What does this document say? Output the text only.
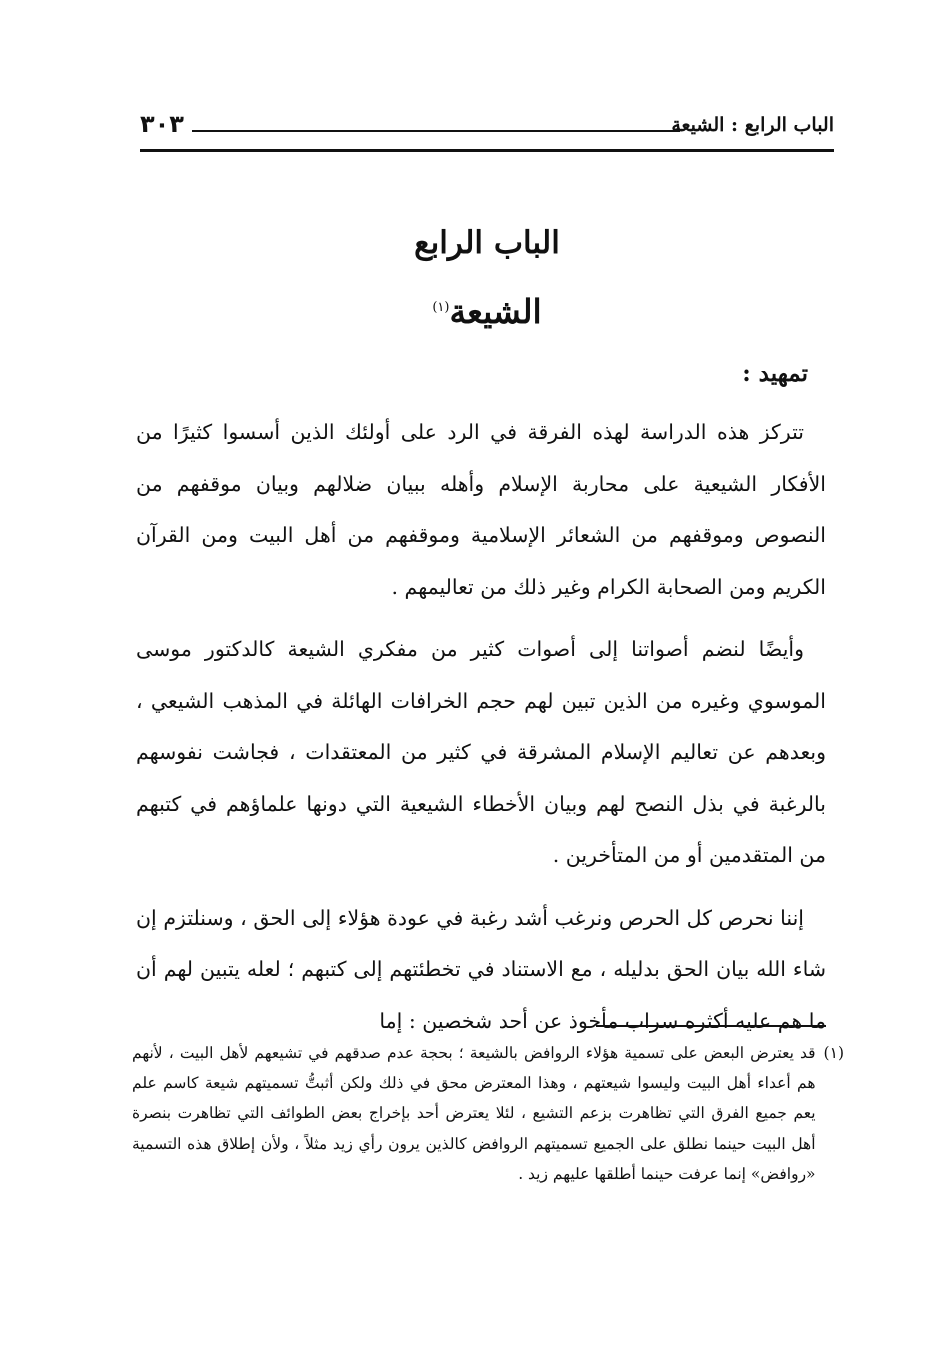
الباب الرابع : الشيعة
٣٠٣
الباب الرابع
الشيعة$^{(١)}$
تمهيد :

تتركز هذه الدراسة لهذه الفرقة في الرد على أولئك الذين أسسوا كثيرًا من الأفكار الشيعية على محاربة الإسلام وأهله ببيان ضلالهم وبيان موقفهم من النصوص وموقفهم من الشعائر الإسلامية وموقفهم من أهل البيت ومن القرآن الكريم ومن الصحابة الكرام وغير ذلك من تعاليمهم .

وأيضًا لنضم أصواتنا إلى أصوات كثير من مفكري الشيعة كالدكتور موسى الموسوي وغيره من الذين تبين لهم حجم الخرافات الهائلة في المذهب الشيعي ، وبعدهم عن تعاليم الإسلام المشرقة في كثير من المعتقدات ، فجاشت نفوسهم بالرغبة في بذل النصح لهم وبيان الأخطاء الشيعية التي دونها علماؤهم في كتبهم من المتقدمين أو من المتأخرين .

إننا نحرص كل الحرص ونرغب أشد رغبة في عودة هؤلاء إلى الحق ، وسنلتزم إن شاء الله بيان الحق بدليله ، مع الاستناد في تخطئتهم إلى كتبهم ؛ لعله يتبين لهم أن ما هم عليه أكثره سراب مأخوذ عن أحد شخصين : إما

(١)
قد يعترض البعض على تسمية هؤلاء الروافض بالشيعة ؛ بحجة عدم صدقهم في تشيعهم لأهل البيت ، لأنهم هم أعداء أهل البيت وليسوا شيعتهم ، وهذا المعترض محق في ذلك ولكن أثبتُّ تسميتهم شيعة كاسم علم يعم جميع الفرق التي تظاهرت بزعم التشيع ، لئلا يعترض أحد بإخراج بعض الطوائف التي تظاهرت بنصرة أهل البيت حينما نطلق على الجميع تسميتهم الروافض كالذين يرون رأي زيد مثلاً ، ولأن إطلاق هذه التسمية «روافض» إنما عرفت حينما أطلقها عليهم زيد .
